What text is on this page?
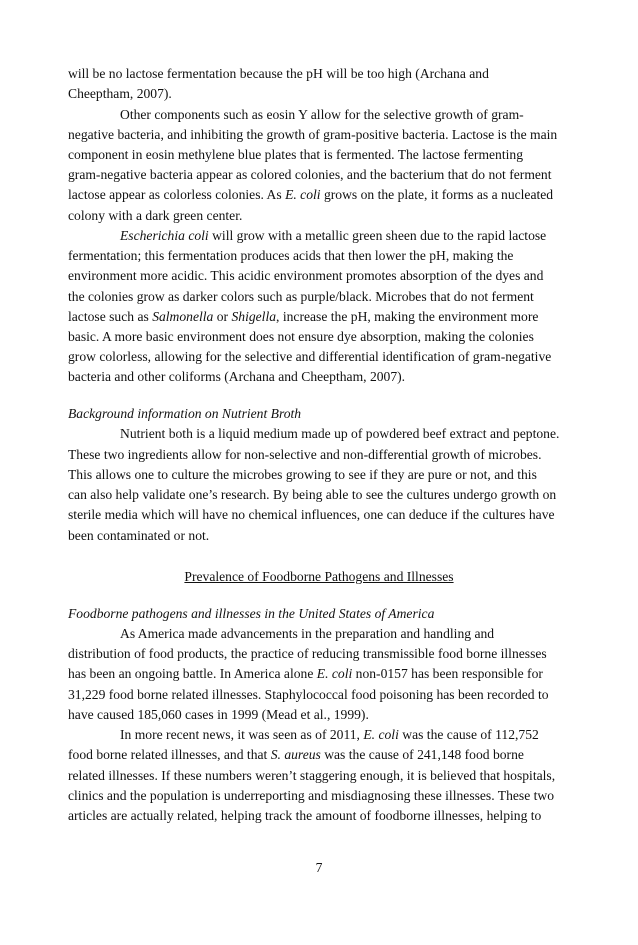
will be no lactose fermentation because the pH will be too high (Archana and
Cheeptham, 2007).
Other components such as eosin Y allow for the selective growth of gram-
negative bacteria, and inhibiting the growth of gram-positive bacteria. Lactose is the main
component in eosin methylene blue plates that is fermented. The lactose fermenting
gram-negative bacteria appear as colored colonies, and the bacterium that do not ferment
lactose appear as colorless colonies. As E. coli grows on the plate, it forms as a nucleated
colony with a dark green center.
Escherichia coli will grow with a metallic green sheen due to the rapid lactose
fermentation; this fermentation produces acids that then lower the pH, making the
environment more acidic. This acidic environment promotes absorption of the dyes and
the colonies grow as darker colors such as purple/black. Microbes that do not ferment
lactose such as Salmonella or Shigella, increase the pH, making the environment more
basic. A more basic environment does not ensure dye absorption, making the colonies
grow colorless, allowing for the selective and differential identification of gram-negative
bacteria and other coliforms (Archana and Cheeptham, 2007).
Background information on Nutrient Broth
Nutrient both is a liquid medium made up of powdered beef extract and peptone.
These two ingredients allow for non-selective and non-differential growth of microbes.
This allows one to culture the microbes growing to see if they are pure or not, and this
can also help validate one’s research. By being able to see the cultures undergo growth on
sterile media which will have no chemical influences, one can deduce if the cultures have
been contaminated or not.
Prevalence of Foodborne Pathogens and Illnesses
Foodborne pathogens and illnesses in the United States of America
As America made advancements in the preparation and handling and
distribution of food products, the practice of reducing transmissible food borne illnesses
has been an ongoing battle. In America alone E. coli non-0157 has been responsible for
31,229 food borne related illnesses. Staphylococcal food poisoning has been recorded to
have caused 185,060 cases in 1999 (Mead et al., 1999).
In more recent news, it was seen as of 2011, E. coli was the cause of 112,752
food borne related illnesses, and that S. aureus was the cause of 241,148 food borne
related illnesses. If these numbers weren’t staggering enough, it is believed that hospitals,
clinics and the population is underreporting and misdiagnosing these illnesses. These two
articles are actually related, helping track the amount of foodborne illnesses, helping to
7
